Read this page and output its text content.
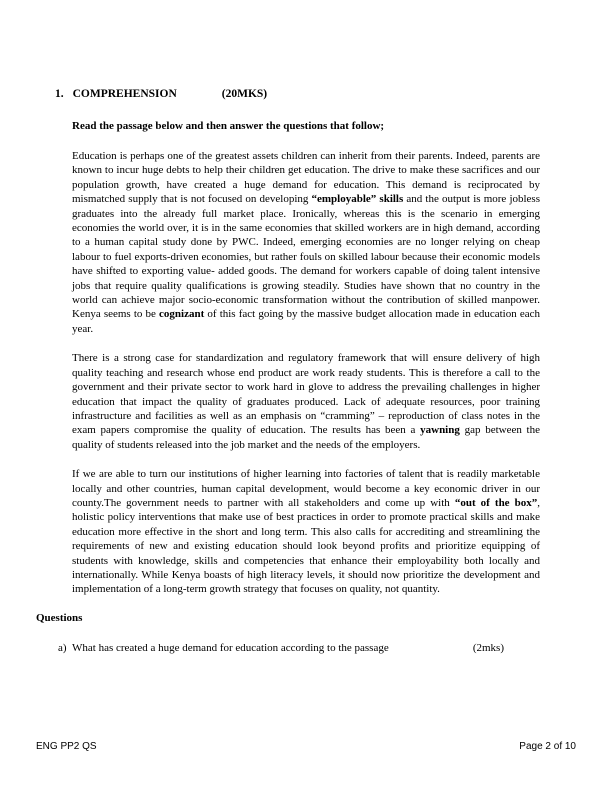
1. COMPREHENSION	(20MKS)
Read the passage below and then answer the questions that follow;

Education is perhaps one of the greatest assets children can inherit from their parents. Indeed, parents are known to incur huge debts to help their children get education. The drive to make these sacrifices and our population growth, have created a huge demand for education. This demand is reciprocated by mismatched supply that is not focused on developing “employable” skills and the output is more jobless graduates into the already full market place. Ironically, whereas this is the scenario in emerging economies the world over, it is in the same economies that skilled workers are in high demand, according to a human capital study done by PWC. Indeed, emerging economies are no longer relying on cheap labour to fuel exports-driven economies, but rather fouls on skilled labour because their economic models have shifted to exporting value- added goods. The demand for workers capable of doing talent intensive jobs that require quality qualifications is growing steadily. Studies have shown that no country in the world can achieve major socio-economic transformation without the contribution of skilled manpower. Kenya seems to be cognizant of this fact going by the massive budget allocation made in education each year.

There is a strong case for standardization and regulatory framework that will ensure delivery of high quality teaching and research whose end product are work ready students. This is therefore a call to the government and their private sector to work hard in glove to address the prevailing challenges in higher education that impact the quality of graduates produced. Lack of adequate resources, poor training infrastructure and facilities as well as an emphasis on “cramming” – reproduction of class notes in the exam papers compromise the quality of education. The results has been a yawning gap between the quality of students released into the job market and the needs of the employers.

If we are able to turn our institutions of higher learning into factories of talent that is readily marketable locally and other countries, human capital development, would become a key economic driver in our county.The government needs to partner with all stakeholders and come up with “out of the box”, holistic policy interventions that make use of best practices in order to promote practical skills and make education more effective in the short and long term. This also calls for accrediting and streamlining the requirements of new and existing education should look beyond profits and prioritize equipping of students with knowledge, skills and competencies that enhance their employability both locally and internationally. While Kenya boasts of high literacy levels, it should now prioritize the development and implementation of a long-term growth strategy that focuses on quality, not quantity.

Questions
a) What has created a huge demand for education according to the passage	(2mks)
ENG PP2 QS	Page 2 of 10
